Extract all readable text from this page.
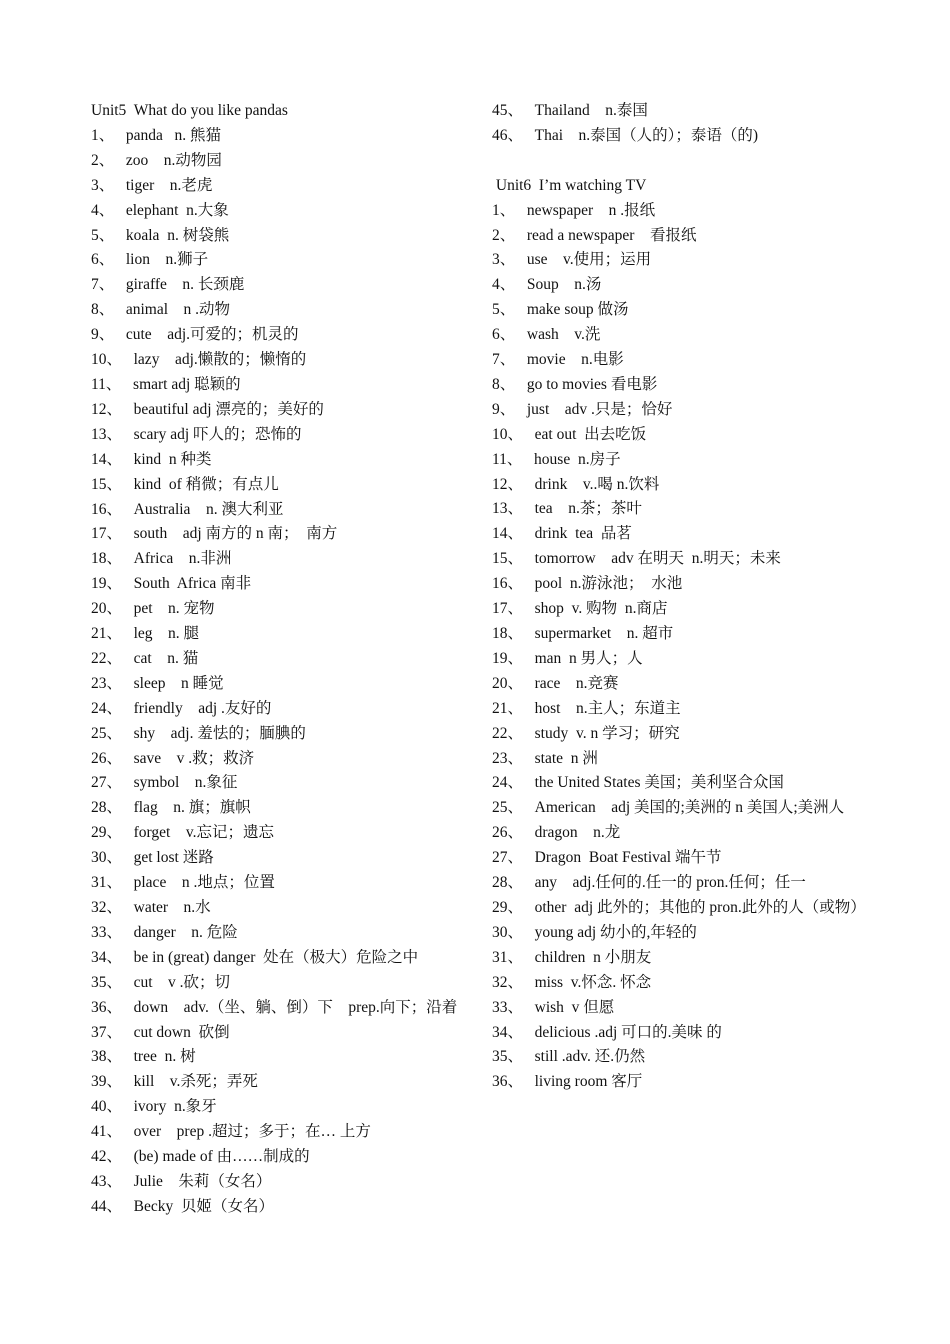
Unit5  What do you like pandas
1、   panda   n. 熊猫
2、   zoo    n.动物园
3、   tiger    n.老虎
4、   elephant  n.大象
5、   koala  n. 树袋熊
6、   lion    n.狮子
7、   giraffe    n. 长颈鹿
8、   animal    n .动物
9、   cute    adj.可爱的；机灵的
10、   lazy    adj.懒散的；懒惰的
11、   smart adj 聪颖的
12、   beautiful adj 漂亮的；美好的
13、   scary adj 吓人的；恐怖的
14、   kind  n 种类
15、   kind  of 稍微；有点儿
16、   Australia    n. 澳大利亚
17、   south    adj 南方的 n 南；  南方
18、   Africa    n.非洲
19、   South  Africa 南非
20、   pet    n. 宠物
21、   leg    n. 腿
22、   cat    n. 猫
23、   sleep    n 睡觉
24、   friendly    adj .友好的
25、   shy    adj. 羞怯的；腼腆的
26、   save    v .救；救济
27、   symbol    n.象征
28、   flag    n. 旗；旗帜
29、   forget    v.忘记；遗忘
30、   get lost 迷路
31、   place    n .地点；位置
32、   water    n.水
33、   danger    n. 危险
34、   be in (great) danger  处在（极大）危险之中
35、   cut    v .砍；切
36、   down    adv.（坐、躺、倒）下    prep.向下；沿着
37、   cut down  砍倒
38、   tree  n. 树
39、   kill    v.杀死；弄死
40、   ivory  n.象牙
41、   over    prep .超过；多于；在… 上方
42、   (be) made of 由……制成的
43、   Julie    朱莉（女名）
44、   Becky  贝姬（女名）
45、   Thailand    n.泰国
46、   Thai    n.泰国（人的）；泰语（的)
Unit6  I’m watching TV
1、   newspaper    n .报纸
2、   read a newspaper    看报纸
3、   use    v.使用；运用
4、   Soup    n.汤
5、   make soup 做汤
6、   wash    v.洗
7、   movie    n.电影
8、   go to movies 看电影
9、   just    adv .只是；恰好
10、   eat out  出去吃饭
11、   house  n.房子
12、   drink    v..喝 n.饮料
13、   tea    n.茶；茶叶
14、   drink  tea  品茗
15、   tomorrow    adv 在明天  n.明天；未来
16、   pool  n.游泳池；  水池
17、   shop  v. 购物  n.商店
18、   supermarket    n. 超市
19、   man  n 男人；人
20、   race    n.竞赛
21、   host    n.主人；东道主
22、   study  v. n 学习；研究
23、   state  n 洲
24、   the United States 美国；美利坚合众国
25、   American    adj 美国的;美洲的 n 美国人;美洲人
26、   dragon    n.龙
27、   Dragon  Boat Festival 端午节
28、   any    adj.任何的.任一的 pron.任何；任一
29、   other  adj 此外的；其他的 pron.此外的人（或物）
30、   young adj 幼小的,年轻的
31、   children  n 小朋友
32、   miss  v.怀念. 怀念
33、   wish  v 但愿
34、   delicious .adj 可口的.美味 的
35、   still .adv. 还.仍然
36、   living room 客厅
